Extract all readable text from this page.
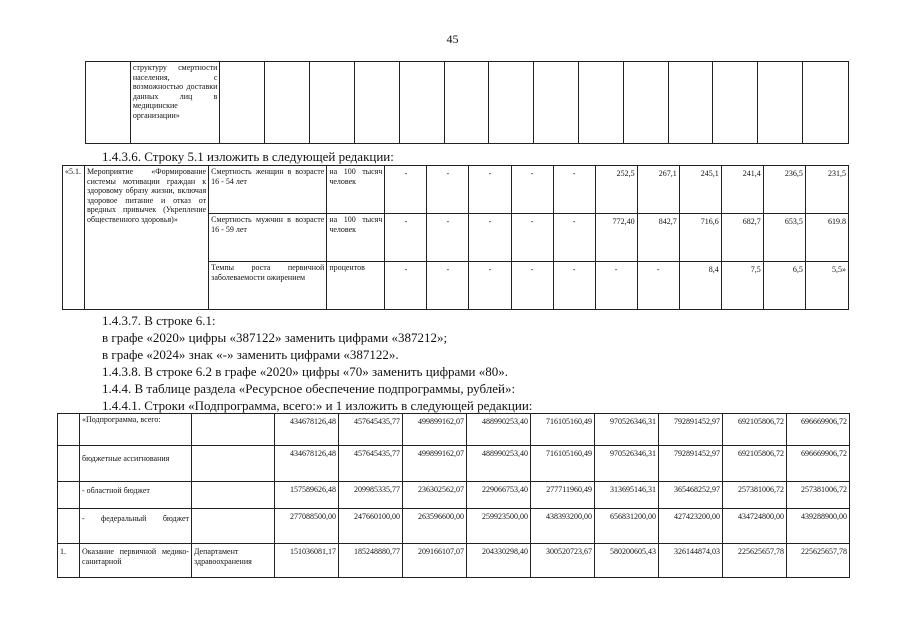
45
	структуру смертности населения, с возможностью доставки данных лиц в медицинские организации»														
1.4.3.6. Строку 5.1 изложить в следующей редакции:
«5.1.	Мероприятие «Формирование системы мотивации граждан к здоровому образу жизни, включая здоровое питание и отказ от вредных привычек (Укрепление общественного здоровья)»	Смертность женщин в возрасте 16 - 54 лет	на 100 тысяч человек	-	-	-	-	-	252,5	267,1	245,1	241,4	236,5	231,5
		Смертность мужчин в возрасте 16 - 59 лет	на 100 тысяч человек	-	-	-	-	-	772,40	842,7	716,6	682,7	653,5	619.8
		Темпы роста первичной заболеваемости ожирением	процентов	-	-	-	-	-	-	-	8,4	7,5	6,5	5,5»
1.4.3.7. В строке 6.1:
в графе «2020» цифры «387122» заменить цифрами «387212»;
в графе «2024» знак «-» заменить цифрами «387122».
1.4.3.8. В строке 6.2 в графе «2020» цифры «70» заменить цифрами «80».
1.4.4. В таблице раздела «Ресурсное обеспечение подпрограммы, рублей»:
1.4.4.1. Строки «Подпрограмма, всего:» и 1 изложить в следующей редакции:
	«Подпрограмма, всего:		434678126,48	457645435,77	499899162,07	488990253,40	716105160,49	970526346,31	792891452,97	692105806,72	696669906,72
	бюджетные ассигнования		434678126,48	457645435,77	499899162,07	488990253,40	716105160,49	970526346,31	792891452,97	692105806,72	696669906,72
	- областной бюджет		157589626,48	209985335,77	236302562,07	229066753,40	277711960,49	313695146,31	365468252,97	257381006,72	257381006,72
	- федеральный бюджет		277088500,00	247660100,00	263596600,00	259923500,00	438393200,00	656831200,00	427423200,00	434724800,00	439288900,00
1.	Оказание первичной медико-санитарной	Департамент здравоохранения	151036081,17	185248880,77	209166107,07	204330298,40	300520723,67	580200605,43	326144874,03	225625657,78	225625657,78
